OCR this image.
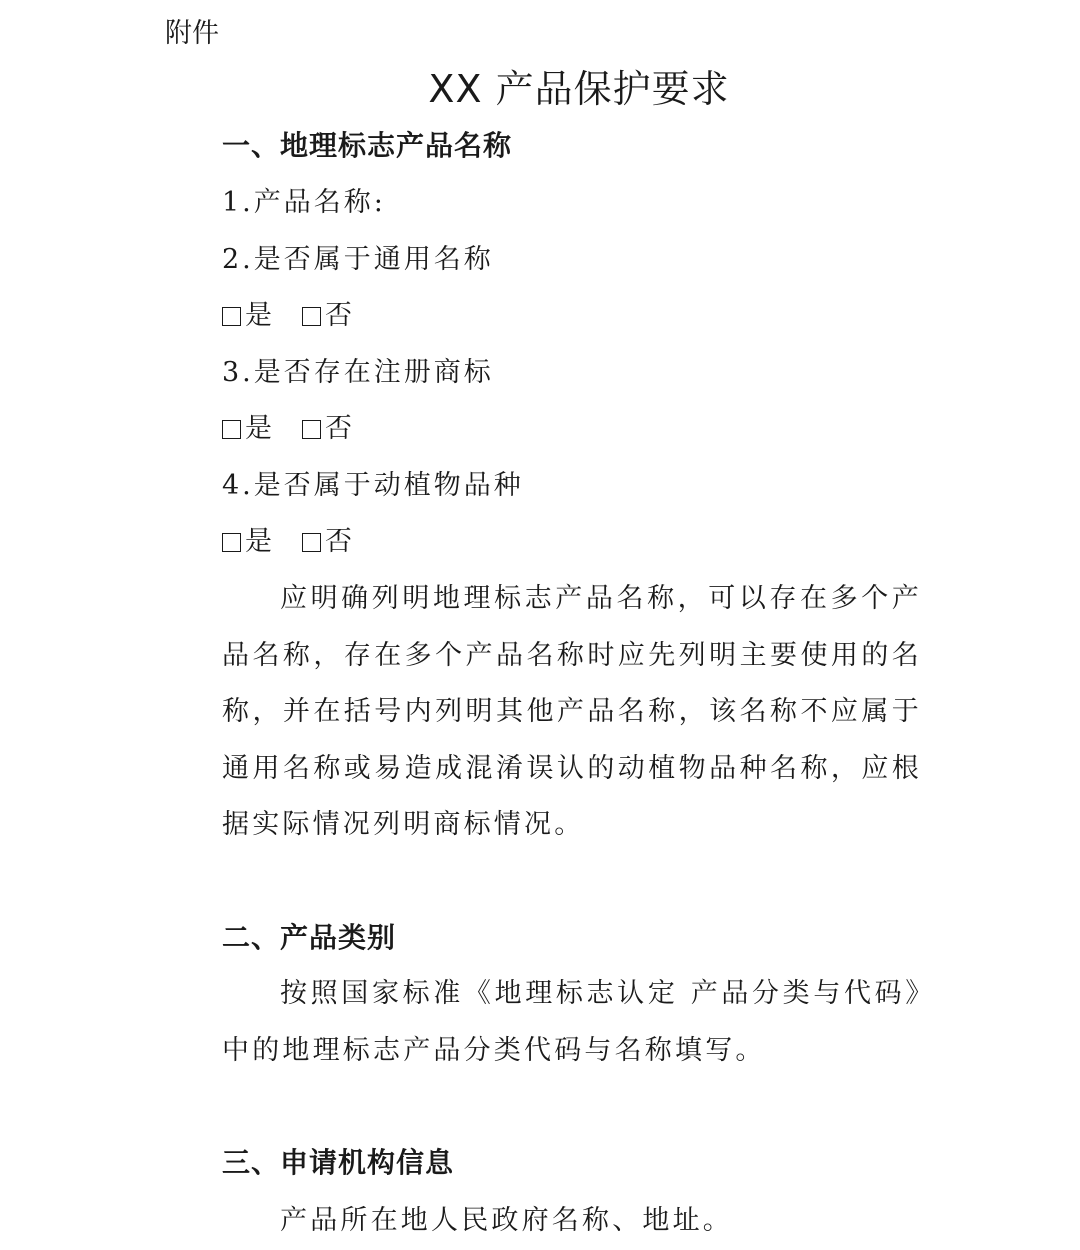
附件
XX 产品保护要求
一、地理标志产品名称
1.产品名称:
2.是否属于通用名称
是 否
3.是否存在注册商标
是 否
4.是否属于动植物品种
是 否

应明确列明地理标志产品名称，可以存在多个产品名称，存在多个产品名称时应先列明主要使用的名称，并在括号内列明其他产品名称，该名称不应属于通用名称或易造成混淆误认的动植物品种名称，应根据实际情况列明商标情况。

二、产品类别

按照国家标准《地理标志认定 产品分类与代码》中的地理标志产品分类代码与名称填写。

三、申请机构信息

产品所在地人民政府名称、地址。
